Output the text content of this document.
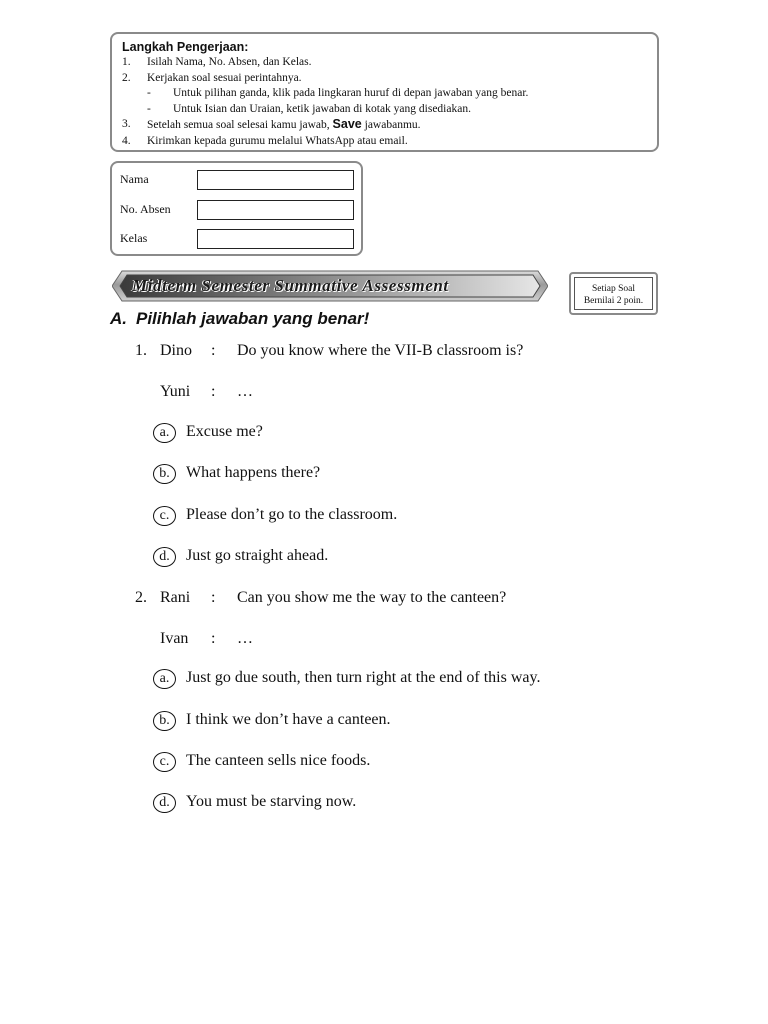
Langkah Pengerjaan:
1.	Isilah Nama, No. Absen, dan Kelas.
2.	Kerjakan soal sesuai perintahnya.
-	Untuk pilihan ganda, klik pada lingkaran huruf di depan jawaban yang benar.
-	Untuk Isian dan Uraian, ketik jawaban di kotak yang disediakan.
3.	Setelah semua soal selesai kamu jawab, Save jawabanmu.
4.	Kirimkan kepada gurumu melalui WhatsApp atau email.
Nama
No. Absen
Kelas
Midterm Semester Summative Assessment	Setiap Soal
Bernilai 2 poin.
A. Pilihlah jawaban yang benar!
1. Dino : Do you know where the VII-B classroom is?
Yuni : …
a.	Excuse me?
b.	What happens there?
c.	Please don’t go to the classroom.
d.	Just go straight ahead.
2. Rani : Can you show me the way to the canteen?
Ivan : …
a.	Just go due south, then turn right at the end of this way.
b.	I think we don’t have a canteen.
c.	The canteen sells nice foods.
d.	You must be starving now.
